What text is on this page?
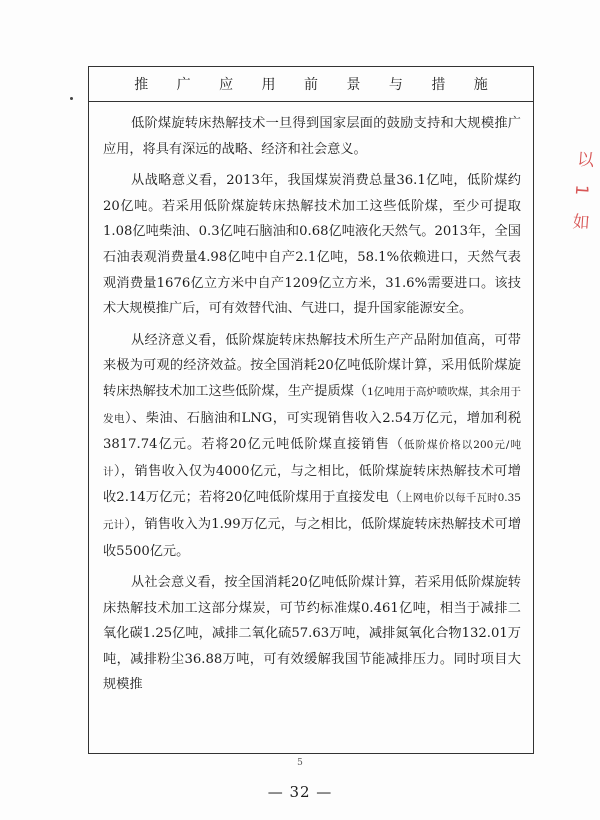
推 广 应 用 前 景 与 措 施

低阶煤旋转床热解技术一旦得到国家层面的鼓励支持和大规模推广应用，将具有深远的战略、经济和社会意义。

从战略意义看，2013年，我国煤炭消费总量36.1亿吨，低阶煤约20亿吨。若采用低阶煤旋转床热解技术加工这些低阶煤，至少可提取1.08亿吨柴油、0.3亿吨石脑油和0.68亿吨液化天然气。2013年，全国石油表观消费量4.98亿吨中自产2.1亿吨，58.1%依赖进口，天然气表观消费量1676亿立方米中自产1209亿立方米，31.6%需要进口。该技术大规模推广后，可有效替代油、气进口，提升国家能源安全。

从经济意义看，低阶煤旋转床热解技术所生产产品附加值高，可带来极为可观的经济效益。按全国消耗20亿吨低阶煤计算，采用低阶煤旋转床热解技术加工这些低阶煤，生产提质煤（1亿吨用于高炉喷吹煤，其余用于发电）、柴油、石脑油和LNG，可实现销售收入2.54万亿元，增加利税3817.74亿元。若将20亿元吨低阶煤直接销售（低阶煤价格以200元/吨计），销售收入仅为4000亿元，与之相比，低阶煤旋转床热解技术可增收2.14万亿元；若将20亿吨低阶煤用于直接发电（上网电价以每千瓦时0.35元计），销售收入为1.99万亿元，与之相比，低阶煤旋转床热解技术可增收5500亿元。

从社会意义看，按全国消耗20亿吨低阶煤计算，若采用低阶煤旋转床热解技术加工这部分煤炭，可节约标准煤0.461亿吨，相当于减排二氧化碳1.25亿吨，减排二氧化硫57.63万吨，减排氮氧化合物132.01万吨，减排粉尘36.88万吨，可有效缓解我国节能减排压力。同时项目大规模推

以 1 如
5
— 32 —
